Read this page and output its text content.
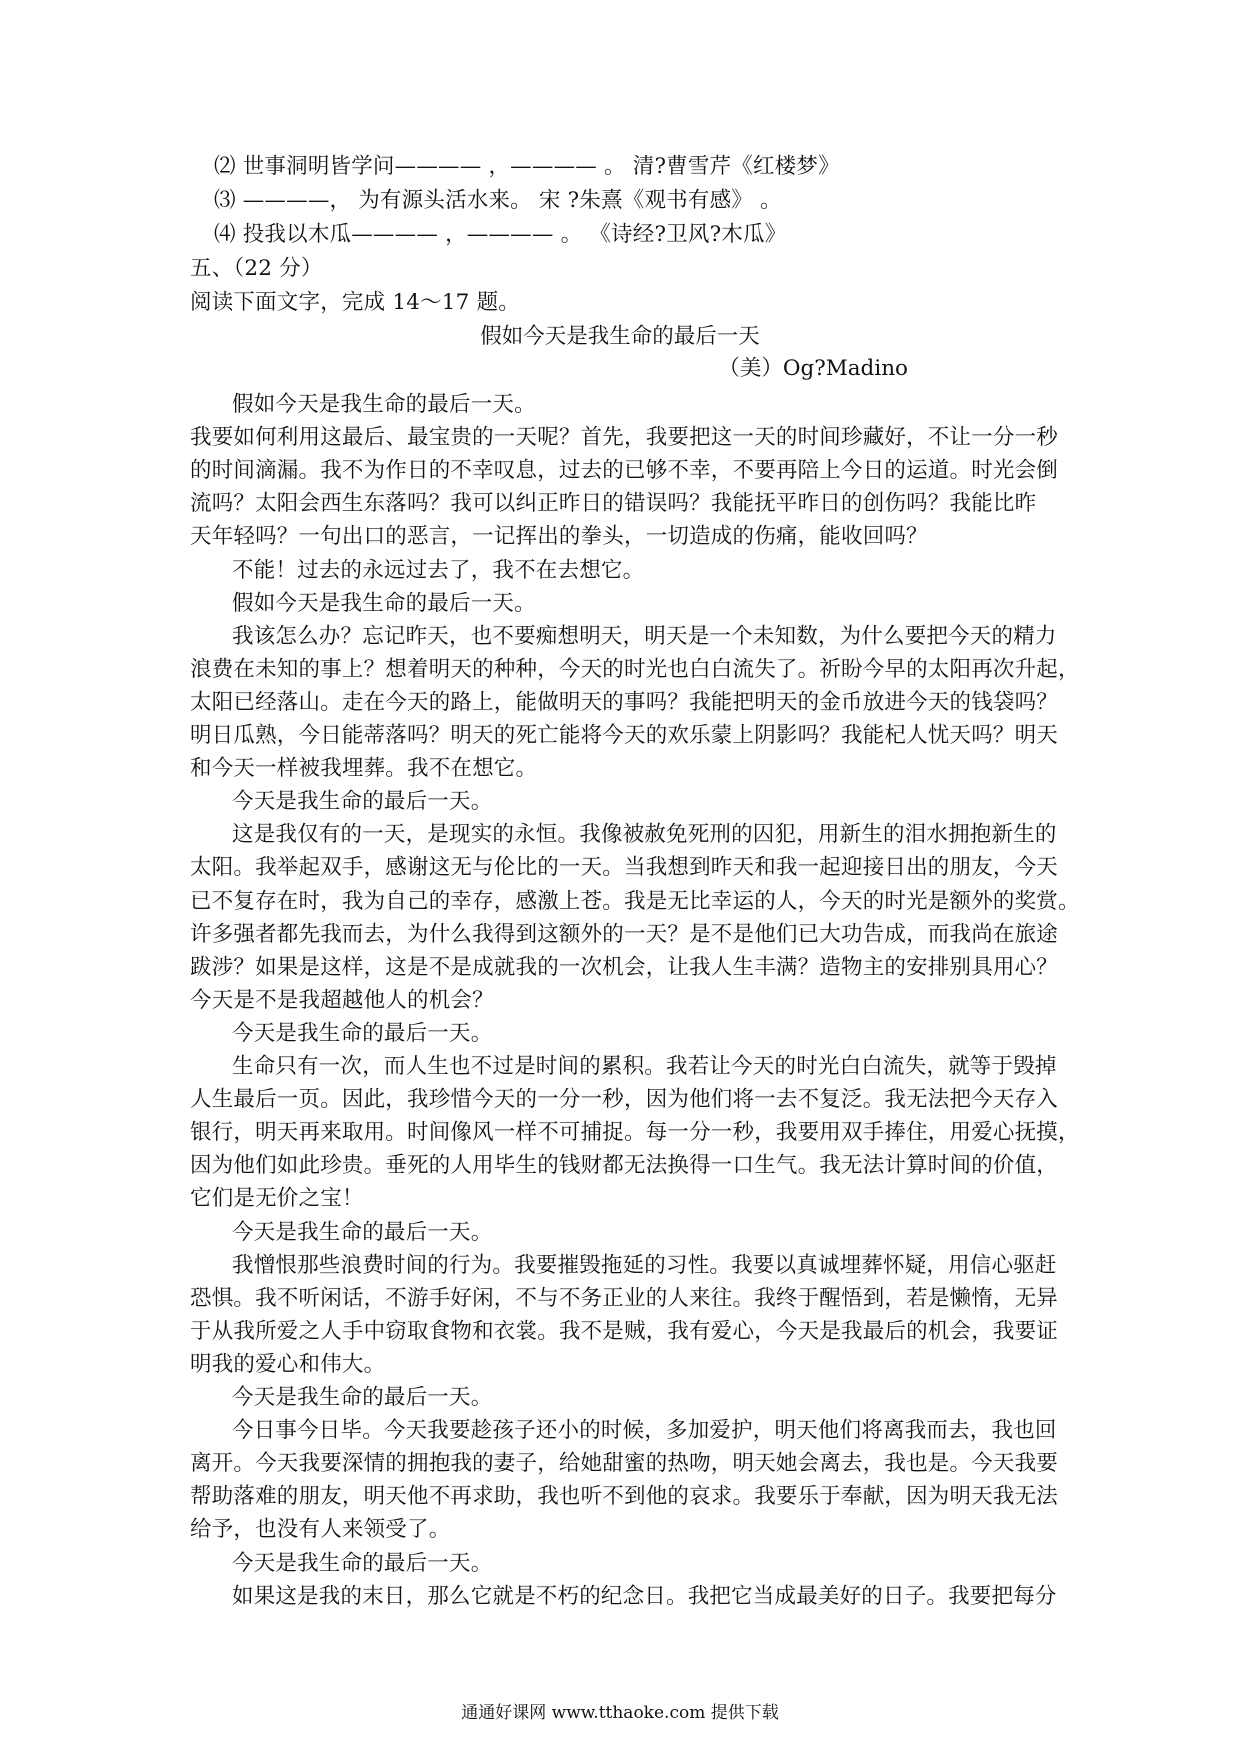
⑵ 世事洞明皆学问———— ，———— 。 清?曹雪芹《红楼梦》
⑶ ————， 为有源头活水来。 宋 ?朱熹《观书有感》 。
⑷ 投我以木瓜———— ，———— 。 《诗经?卫风?木瓜》
五、（22 分）
阅读下面文字，完成 14～17 题。
假如今天是我生命的最后一天
（美）Og?Madino
假如今天是我生命的最后一天。
我要如何利用这最后、最宝贵的一天呢？首先，我要把这一天的时间珍藏好，不让一分一秒
的时间滴漏。我不为作日的不幸叹息，过去的已够不幸，不要再陪上今日的运道。时光会倒
流吗？太阳会西生东落吗？我可以纠正昨日的错误吗？我能抚平昨日的创伤吗？我能比昨
天年轻吗？一句出口的恶言，一记挥出的拳头，一切造成的伤痛，能收回吗？
不能！过去的永远过去了，我不在去想它。
假如今天是我生命的最后一天。
我该怎么办？忘记昨天，也不要痴想明天，明天是一个未知数，为什么要把今天的精力
浪费在未知的事上？想着明天的种种，今天的时光也白白流失了。祈盼今早的太阳再次升起，
太阳已经落山。走在今天的路上，能做明天的事吗？我能把明天的金币放进今天的钱袋吗？
明日瓜熟，今日能蒂落吗？明天的死亡能将今天的欢乐蒙上阴影吗？我能杞人忧天吗？明天
和今天一样被我埋葬。我不在想它。
今天是我生命的最后一天。
这是我仅有的一天，是现实的永恒。我像被赦免死刑的囚犯，用新生的泪水拥抱新生的
太阳。我举起双手，感谢这无与伦比的一天。当我想到昨天和我一起迎接日出的朋友，今天
已不复存在时，我为自己的幸存，感激上苍。我是无比幸运的人，今天的时光是额外的奖赏。
许多强者都先我而去，为什么我得到这额外的一天？是不是他们已大功告成，而我尚在旅途
跋涉？如果是这样，这是不是成就我的一次机会，让我人生丰满？造物主的安排别具用心？
今天是不是我超越他人的机会？
今天是我生命的最后一天。
生命只有一次，而人生也不过是时间的累积。我若让今天的时光白白流失，就等于毁掉
人生最后一页。因此，我珍惜今天的一分一秒，因为他们将一去不复泛。我无法把今天存入
银行，明天再来取用。时间像风一样不可捕捉。每一分一秒，我要用双手捧住，用爱心抚摸，
因为他们如此珍贵。垂死的人用毕生的钱财都无法换得一口生气。我无法计算时间的价值，
它们是无价之宝！
今天是我生命的最后一天。
我憎恨那些浪费时间的行为。我要摧毁拖延的习性。我要以真诚埋葬怀疑，用信心驱赶
恐惧。我不听闲话，不游手好闲，不与不务正业的人来往。我终于醒悟到，若是懒惰，无异
于从我所爱之人手中窃取食物和衣裳。我不是贼，我有爱心，今天是我最后的机会，我要证
明我的爱心和伟大。
今天是我生命的最后一天。
今日事今日毕。今天我要趁孩子还小的时候，多加爱护，明天他们将离我而去，我也回
离开。今天我要深情的拥抱我的妻子，给她甜蜜的热吻，明天她会离去，我也是。今天我要
帮助落难的朋友，明天他不再求助，我也听不到他的哀求。我要乐于奉献，因为明天我无法
给予，也没有人来领受了。
今天是我生命的最后一天。
如果这是我的末日，那么它就是不朽的纪念日。我把它当成最美好的日子。我要把每分
通通好课网 www.tthaoke.com 提供下载
